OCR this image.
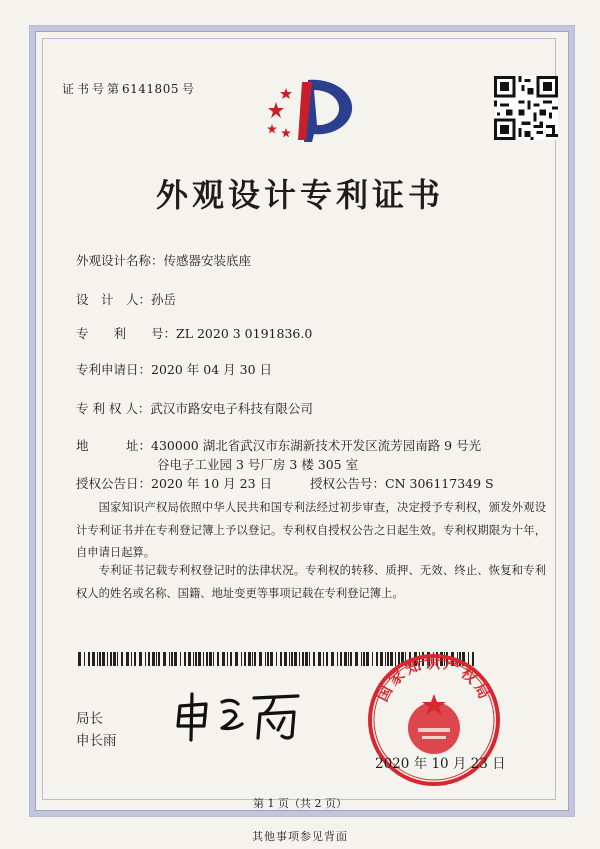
证书号第6141805 号
外观设计专利证书
外观设计名称：传感器安装底座
设　计　人：孙岳
专　　利　　号：ZL 2020 3 0191836.0
专利申请日：2020 年 04 月 30 日
专 利 权 人：武汉市路安电子科技有限公司
地　　　址：430000 湖北省武汉市东湖新技术开发区流芳园南路 9 号光
谷电子工业园 3 号厂房 3 楼 305 室
授权公告日：2020 年 10 月 23 日	授权公告号：CN 306117349 S
国家知识产权局依照中华人民共和国专利法经过初步审查，决定授予专利权，颁发外观设计专利证书并在专利登记簿上予以登记。专利权自授权公告之日起生效。专利权期限为十年，自申请日起算。
专利证书记载专利权登记时的法律状况。专利权的转移、质押、无效、终止、恢复和专利权人的姓名或名称、国籍、地址变更等事项记载在专利登记簿上。
局长
申长雨
国家知识产权局
2020 年 10 月 23 日
第 1 页（共 2 页）
其他事项参见背面
